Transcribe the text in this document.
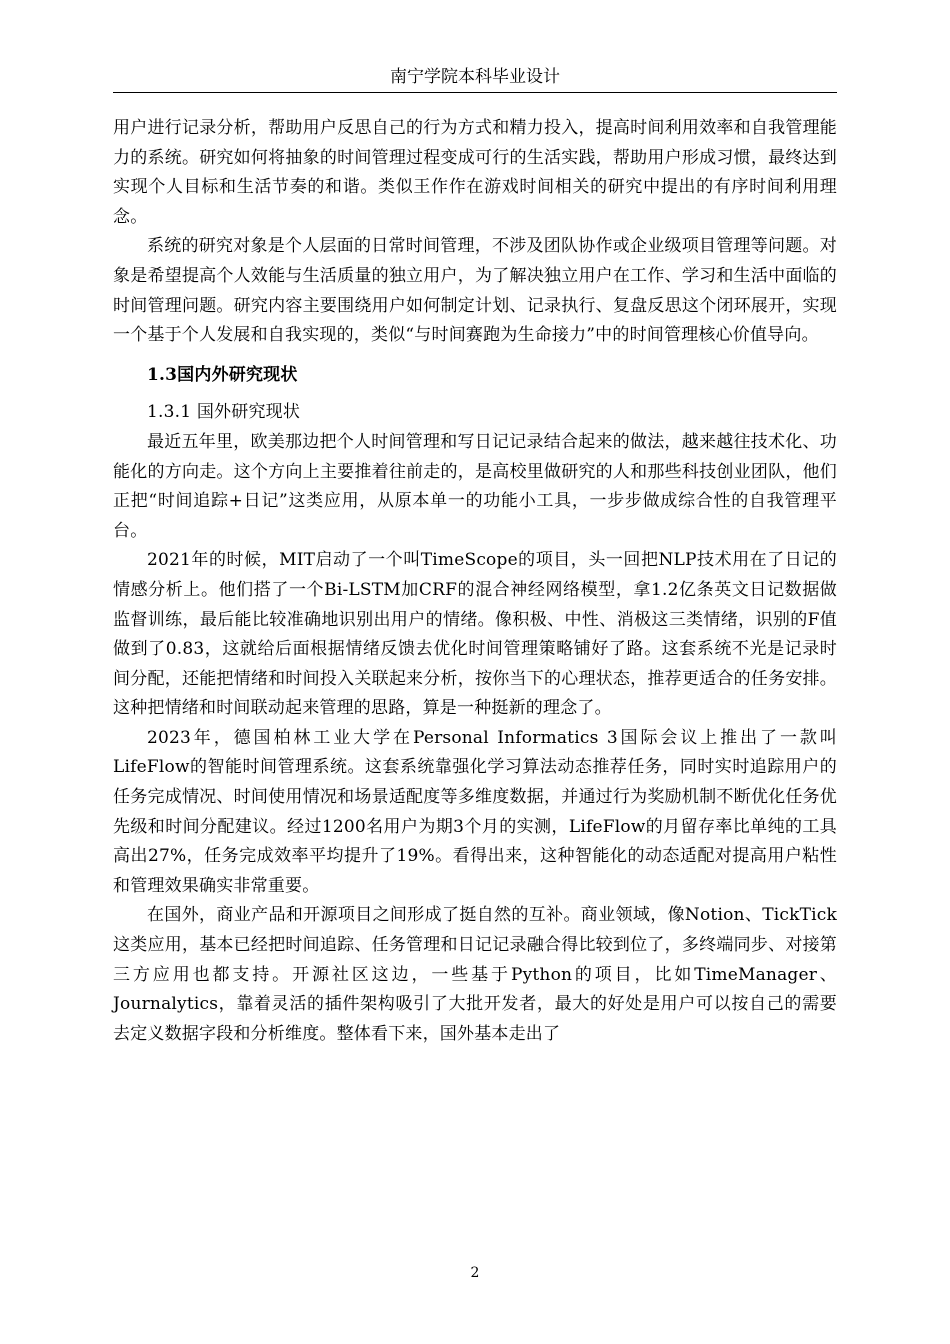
南宁学院本科毕业设计

用户进行记录分析，帮助用户反思自己的行为方式和精力投入，提高时间利用效率和自我管理能力的系统。研究如何将抽象的时间管理过程变成可行的生活实践，帮助用户形成习惯，最终达到实现个人目标和生活节奏的和谐。类似王作作在游戏时间相关的研究中提出的有序时间利用理念。

系统的研究对象是个人层面的日常时间管理，不涉及团队协作或企业级项目管理等问题。对象是希望提高个人效能与生活质量的独立用户，为了解决独立用户在工作、学习和生活中面临的时间管理问题。研究内容主要围绕用户如何制定计划、记录执行、复盘反思这个闭环展开，实现一个基于个人发展和自我实现的，类似“与时间赛跑为生命接力”中的时间管理核心价值导向。

1.3国内外研究现状
1.3.1 国外研究现状

最近五年里，欧美那边把个人时间管理和写日记记录结合起来的做法，越来越往技术化、功能化的方向走。这个方向上主要推着往前走的，是高校里做研究的人和那些科技创业团队，他们正把“时间追踪+日记”这类应用，从原本单一的功能小工具，一步步做成综合性的自我管理平台。

2021年的时候，MIT启动了一个叫TimeScope的项目，头一回把NLP技术用在了日记的情感分析上。他们搭了一个Bi-LSTM加CRF的混合神经网络模型，拿1.2亿条英文日记数据做监督训练，最后能比较准确地识别出用户的情绪。像积极、中性、消极这三类情绪，识别的F值做到了0.83，这就给后面根据情绪反馈去优化时间管理策略铺好了路。这套系统不光是记录时间分配，还能把情绪和时间投入关联起来分析，按你当下的心理状态，推荐更适合的任务安排。这种把情绪和时间联动起来管理的思路，算是一种挺新的理念了。

2023年，德国柏林工业大学在Personal Informatics 3国际会议上推出了一款叫LifeFlow的智能时间管理系统。这套系统靠强化学习算法动态推荐任务，同时实时追踪用户的任务完成情况、时间使用情况和场景适配度等多维度数据，并通过行为奖励机制不断优化任务优先级和时间分配建议。经过1200名用户为期3个月的实测，LifeFlow的月留存率比单纯的工具高出27%，任务完成效率平均提升了19%。看得出来，这种智能化的动态适配对提高用户粘性和管理效果确实非常重要。

在国外，商业产品和开源项目之间形成了挺自然的互补。商业领域，像Notion、TickTick这类应用，基本已经把时间追踪、任务管理和日记记录融合得比较到位了，多终端同步、对接第三方应用也都支持。开源社区这边，一些基于Python的项目，比如TimeManager、Journalytics，靠着灵活的插件架构吸引了大批开发者，最大的好处是用户可以按自己的需要去定义数据字段和分析维度。整体看下来，国外基本走出了

2
